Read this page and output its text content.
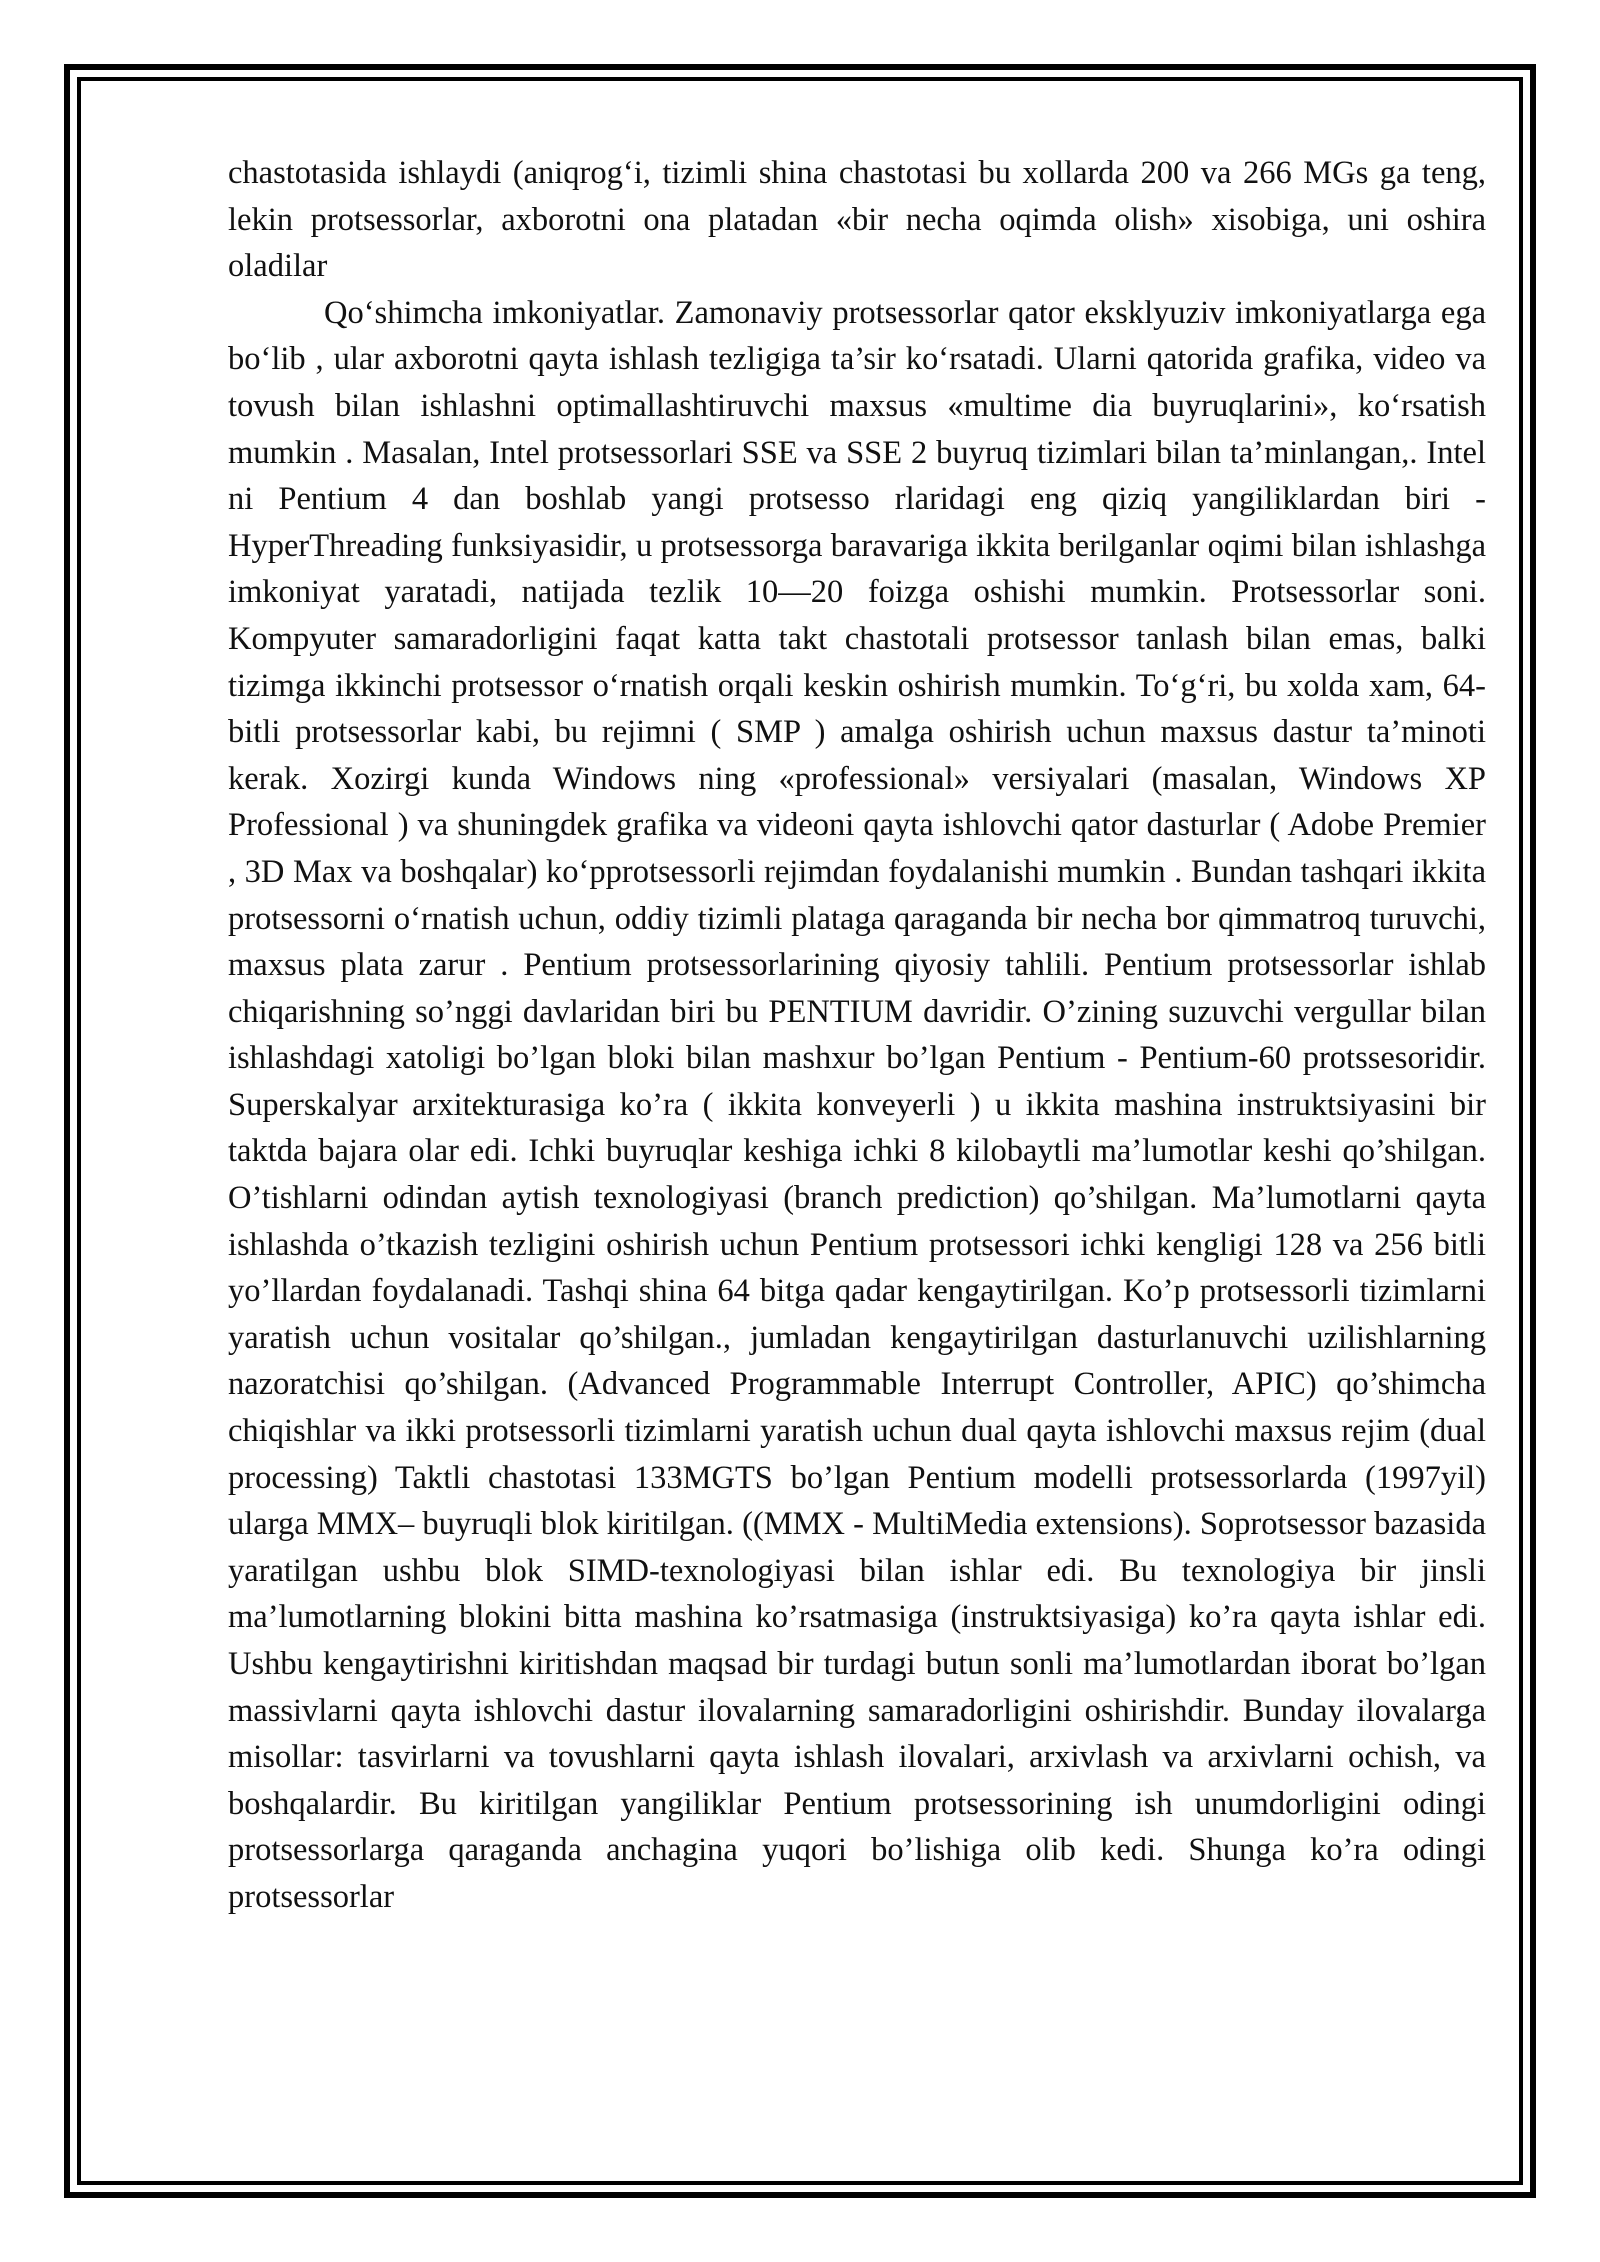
chastotasida ishlaydi (aniqrog‘i, tizimli shina chastotasi bu xollarda 200 va 266 MGs ga teng, lekin protsessorlar, axborotni ona platadan «bir necha oqimda olish» xisobiga, uni oshira oladilar

Qo‘shimcha imkoniyatlar. Zamonaviy protsessorlar qator eksklyuziv imkoniyatlarga ega bo‘lib , ular axborotni qayta ishlash tezligiga ta’sir ko‘rsatadi. Ularni qatorida grafika, video va tovush bilan ishlashni optimallashtiruvchi maxsus «multime dia buyruqlarini», ko‘rsatish mumkin . Masalan, Intel protsessorlari SSE va SSE 2 buyruq tizimlari bilan ta’minlangan,. Intel ni Pentium 4 dan boshlab yangi protsesso rlaridagi eng qiziq yangiliklardan biri - HyperThreading funksiyasidir, u protsessorga baravariga ikkita berilganlar oqimi bilan ishlashga imkoniyat yaratadi, natijada tezlik 10—20 foizga oshishi mumkin. Protsessorlar soni. Kompyuter samaradorligini faqat katta takt chastotali protsessor tanlash bilan emas, balki tizimga ikkinchi protsessor o‘rnatish orqali keskin oshirish mumkin. To‘g‘ri, bu xolda xam, 64-bitli protsessorlar kabi, bu rejimni ( SMP ) amalga oshirish uchun maxsus dastur ta’minoti kerak. Xozirgi kunda Windows ning «professional» versiyalari (masalan, Windows XP Professional ) va shuningdek grafika va videoni qayta ishlovchi qator dasturlar ( Adobe Premier , 3D Max va boshqalar) ko‘pprotsessorli rejimdan foydalanishi mumkin . Bundan tashqari ikkita protsessorni o‘rnatish uchun, oddiy tizimli plataga qaraganda bir necha bor qimmatroq turuvchi, maxsus plata zarur . Pentium protsessorlarining qiyosiy tahlili. Pentium protsessorlar ishlab chiqarishning so’nggi davlaridan biri bu PENTIUM davridir. O’zining suzuvchi vergullar bilan ishlashdagi xatoligi bo’lgan bloki bilan mashxur bo’lgan Pentium - Pentium-60 protssesoridir. Superskalyar arxitekturasiga ko’ra ( ikkita konveyerli ) u ikkita mashina instruktsiyasini bir taktda bajara olar edi. Ichki buyruqlar keshiga ichki 8 kilobaytli ma’lumotlar keshi qo’shilgan. O’tishlarni odindan aytish texnologiyasi (branch prediction) qo’shilgan. Ma’lumotlarni qayta ishlashda o’tkazish tezligini oshirish uchun Pentium protsessori ichki kengligi 128 va 256 bitli yo’llardan foydalanadi. Tashqi shina 64 bitga qadar kengaytirilgan. Ko’p protsessorli tizimlarni yaratish uchun vositalar qo’shilgan., jumladan kengaytirilgan dasturlanuvchi uzilishlarning nazoratchisi qo’shilgan. (Advanced Programmable Interrupt Controller, APIC) qo’shimcha chiqishlar va ikki protsessorli tizimlarni yaratish uchun dual qayta ishlovchi maxsus rejim (dual processing) Taktli chastotasi 133MGTS bo’lgan Pentium modelli protsessorlarda (1997yil) ularga MMX– buyruqli blok kiritilgan. ((MMX - MultiMedia extensions). Soprotsessor bazasida yaratilgan ushbu blok SIMD-texnologiyasi bilan ishlar edi. Bu texnologiya bir jinsli ma’lumotlarning blokini bitta mashina ko’rsatmasiga (instruktsiyasiga) ko’ra qayta ishlar edi. Ushbu kengaytirishni kiritishdan maqsad bir turdagi butun sonli ma’lumotlardan iborat bo’lgan massivlarni qayta ishlovchi dastur ilovalarning samaradorligini oshirishdir. Bunday ilovalarga misollar: tasvirlarni va tovushlarni qayta ishlash ilovalari, arxivlash va arxivlarni ochish, va boshqalardir. Bu kiritilgan yangiliklar Pentium protsessorining ish unumdorligini odingi protsessorlarga qaraganda anchagina yuqori bo’lishiga olib kedi. Shunga ko’ra odingi protsessorlar
